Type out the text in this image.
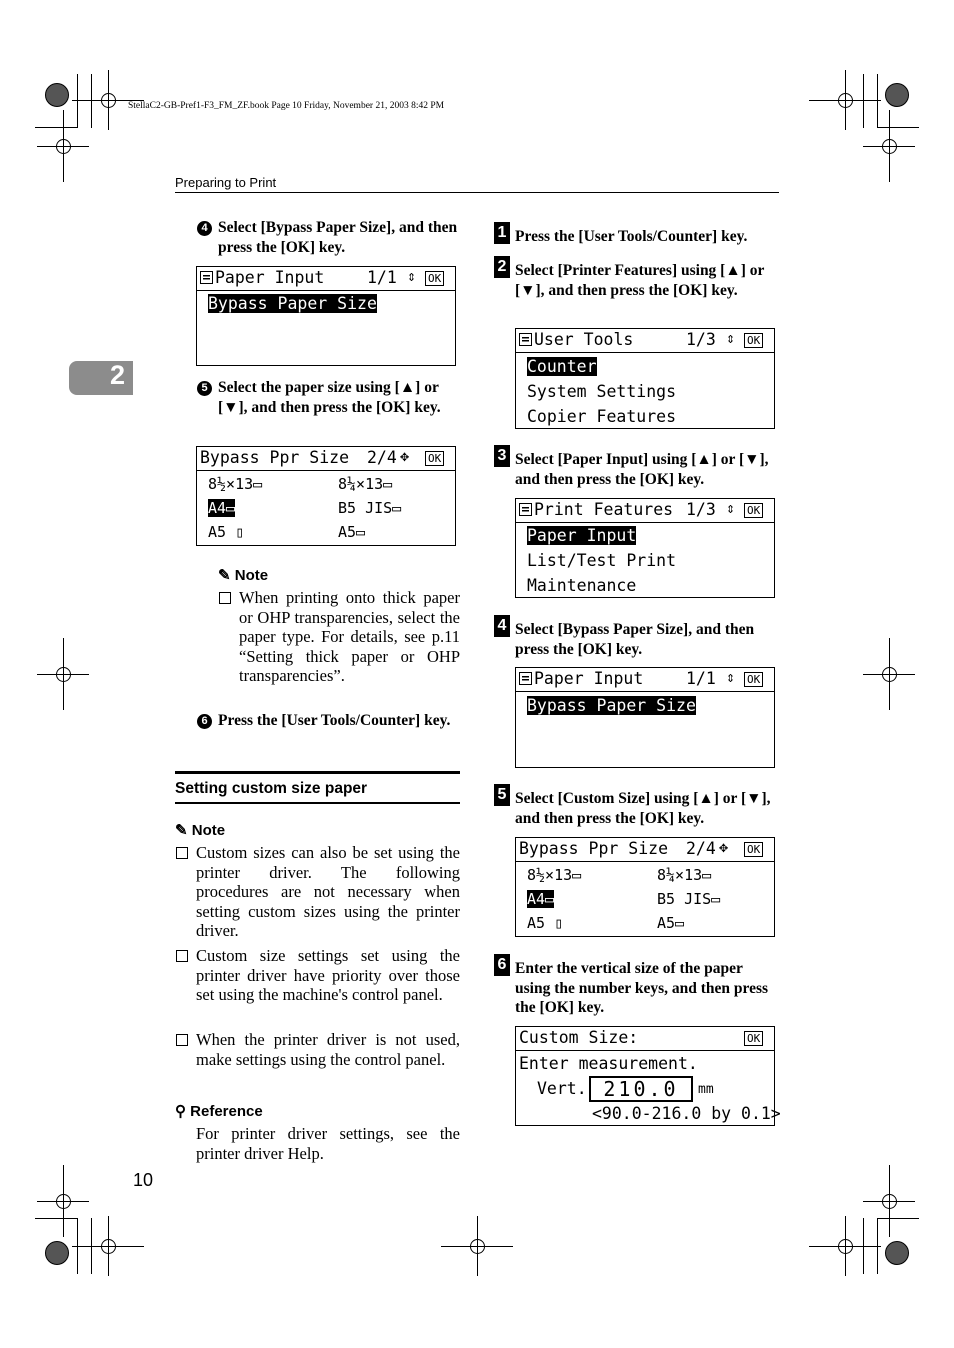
StellaC2-GB-Pref1-F3_FM_ZF.book Page 10 Friday, November 21, 2003 8:42 PM
Preparing to Print
2
4 Select [Bypass Paper Size], and then press the [OK] key.
Paper Input	1/1 ⇕ OK
Bypass Paper Size
5 Select the paper size using [▲] or [▼], and then press the [OK] key.
Bypass Ppr Size 2/4 ✥ OK
8½×13▭	8¼×13▭
A4▭	B5 JIS▭
A5 ▯	A5▭
✎ Note
When printing onto thick paper or OHP transparencies, select the paper type. For details, see p.11 “Setting thick paper or OHP transparencies”.
6 Press the [User Tools/Counter] key.
Setting custom size paper
✎ Note
Custom sizes can also be set using the printer driver. The following procedures are not necessary when setting custom sizes using the printer driver.
Custom size settings set using the printer driver have priority over those set using the machine's control panel.
When the printer driver is not used, make settings using the control panel.
⚲ Reference
For printer driver settings, see the printer driver Help.
1 Press the [User Tools/Counter] key.
2 Select [Printer Features] using [▲] or [▼], and then press the [OK] key.
User Tools	1/3 ⇕ OK
Counter
System Settings
Copier Features
3 Select [Paper Input] using [▲] or [▼], and then press the [OK] key.
Print Features 1/3 ⇕ OK
Paper Input
List/Test Print
Maintenance
4 Select [Bypass Paper Size], and then press the [OK] key.
Paper Input	1/1 ⇕ OK
Bypass Paper Size
5 Select [Custom Size] using [▲] or [▼], and then press the [OK] key.
Bypass Ppr Size 2/4 ✥ OK
8½×13▭	8¼×13▭
A4▭	B5 JIS▭
A5 ▯	A5▭
6 Enter the vertical size of the paper using the number keys, and then press the [OK] key.
Custom Size:	OK
Enter measurement.
Vert. 210.0	mm
<90.0-216.0 by 0.1>
10
